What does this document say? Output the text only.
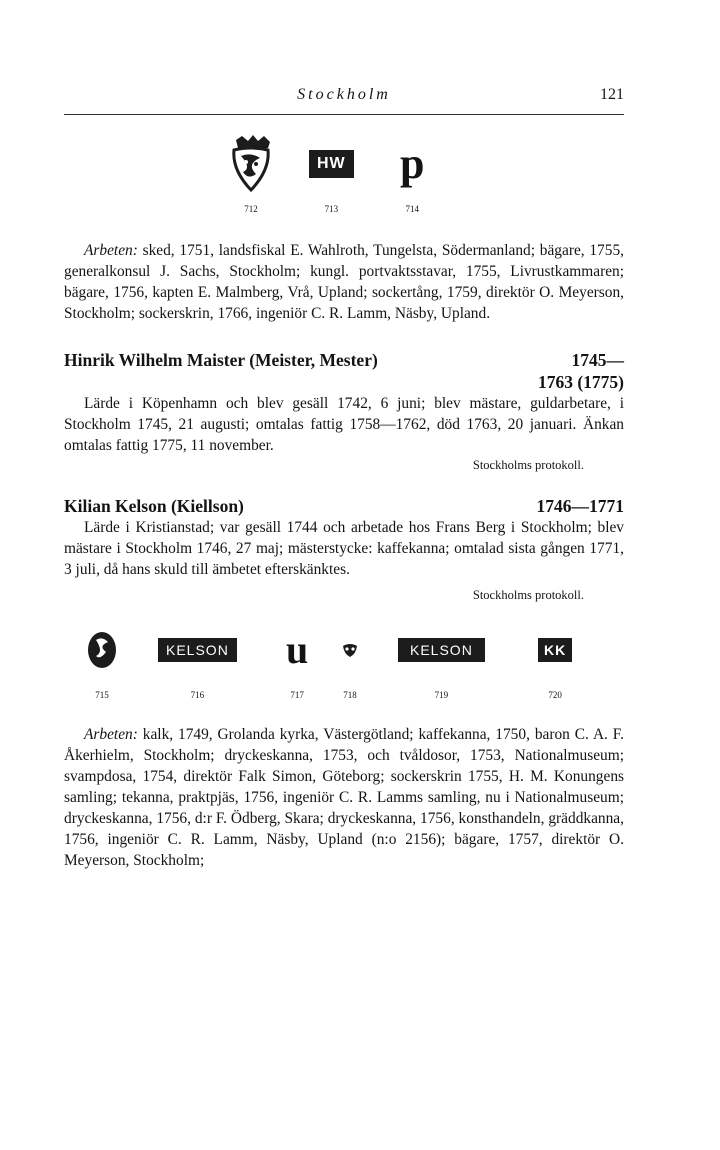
Stockholm	121
712
HW
713
p
714

Arbeten: sked, 1751, landsfiskal E. Wahlroth, Tungelsta, Södermanland; bägare, 1755, generalkonsul J. Sachs, Stockholm; kungl. portvaktsstavar, 1755, Livrustkammaren; bägare, 1756, kapten E. Malmberg, Vrå, Upland; sockertång, 1759, direktör O. Meyerson, Stockholm; sockerskrin, 1766, ingeniör C. R. Lamm, Näsby, Upland.

Hinrik Wilhelm Maister (Meister, Mester)	1745—
1763 (1775)

Lärde i Köpenhamn och blev gesäll 1742, 6 juni; blev mästare, guldarbetare, i Stockholm 1745, 21 augusti; omtalas fattig 1758—1762, död 1763, 20 januari. Änkan omtalas fattig 1775, 11 november.

Stockholms protokoll.
Kilian Kelson (Kiellson)	1746—1771

Lärde i Kristianstad; var gesäll 1744 och arbetade hos Frans Berg i Stockholm; blev mästare i Stockholm 1746, 27 maj; mästerstycke: kaffekanna; omtalad sista gången 1771, 3 juli, då hans skuld till ämbetet efterskänktes.

Stockholms protokoll.
715
KELSON
716
u
717	718
KELSON
719
KK
720

Arbeten: kalk, 1749, Grolanda kyrka, Västergötland; kaffekanna, 1750, baron C. A. F. Åkerhielm, Stockholm; dryckeskanna, 1753, och tvåldosor, 1753, Nationalmuseum; svampdosa, 1754, direktör Falk Simon, Göteborg; sockerskrin 1755, H. M. Konungens samling; tekanna, praktpjäs, 1756, ingeniör C. R. Lamms samling, nu i Nationalmuseum; dryckeskanna, 1756, d:r F. Ödberg, Skara; dryckeskanna, 1756, konsthandeln, gräddkanna, 1756, ingeniör C. R. Lamm, Näsby, Upland (n:o 2156); bägare, 1757, direktör O. Meyerson, Stockholm;
